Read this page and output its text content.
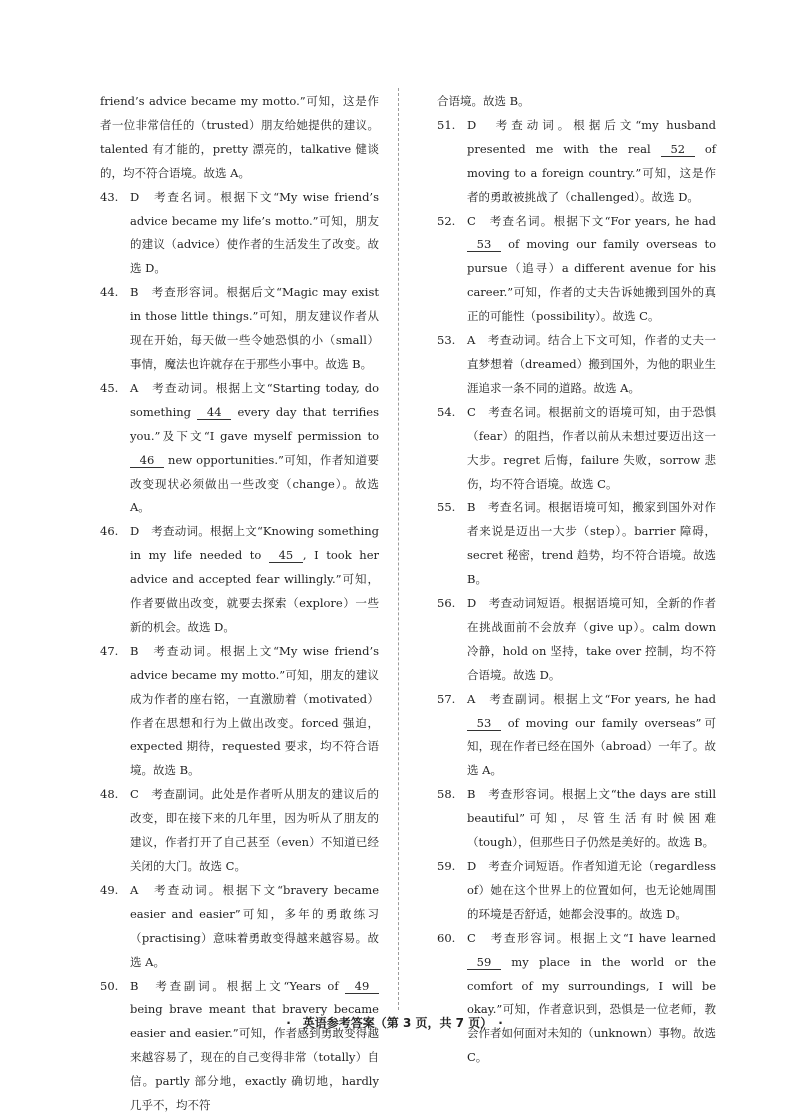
friend’s advice became my motto.”可知，这是作者一位非常信任的（trusted）朋友给她提供的建议。talented 有才能的，pretty 漂亮的，talkative 健谈的，均不符合语境。故选 A。
43.	D　考查名词。根据下文“My wise friend’s advice became my life’s motto.”可知，朋友的建议（advice）使作者的生活发生了改变。故选 D。
44.	B　考查形容词。根据后文“Magic may exist in those little things.”可知，朋友建议作者从现在开始，每天做一些令她恐惧的小（small）事情，魔法也许就存在于那些小事中。故选 B。
45.	A　考查动词。根据上文“Starting today, do something 44 every day that terrifies you.”及下文“I gave myself permission to 46 new opportunities.”可知，作者知道要改变现状必须做出一些改变（change）。故选 A。
46.	D　考查动词。根据上文“Knowing something in my life needed to 45 , I took her advice and accepted fear willingly.”可知，作者要做出改变，就要去探索（explore）一些新的机会。故选 D。
47.	B　考查动词。根据上文“My wise friend’s advice became my motto.”可知，朋友的建议成为作者的座右铭，一直激励着（motivated）作者在思想和行为上做出改变。forced 强迫，expected 期待，requested 要求，均不符合语境。故选 B。
48.	C　考查副词。此处是作者听从朋友的建议后的改变，即在接下来的几年里，因为听从了朋友的建议，作者打开了自己甚至（even）不知道已经关闭的大门。故选 C。
49.	A　考查动词。根据下文“bravery became easier and easier”可知，多年的勇敢练习（practising）意味着勇敢变得越来越容易。故选 A。
50.	B　考查副词。根据上文“Years of 49 being brave meant that bravery became easier and easier.”可知，作者感到勇敢变得越来越容易了，现在的自己变得非常（totally）自信。partly 部分地，exactly 确切地，hardly 几乎不，均不符
合语境。故选 B。
51.	D　考查动词。根据后文“my husband presented me with the real 52 of moving to a foreign country.”可知，这是作者的勇敢被挑战了（challenged）。故选 D。
52.	C　考查名词。根据下文“For years, he had 53 of moving our family overseas to pursue（追寻）a different avenue for his career.”可知，作者的丈夫告诉她搬到国外的真正的可能性（possibility）。故选 C。
53.	A　考查动词。结合上下文可知，作者的丈夫一直梦想着（dreamed）搬到国外，为他的职业生涯追求一条不同的道路。故选 A。
54.	C　考查名词。根据前文的语境可知，由于恐惧（fear）的阻挡，作者以前从未想过要迈出这一大步。regret 后悔，failure 失败，sorrow 悲伤，均不符合语境。故选 C。
55.	B　考查名词。根据语境可知，搬家到国外对作者来说是迈出一大步（step）。barrier 障碍，secret 秘密，trend 趋势，均不符合语境。故选 B。
56.	D　考查动词短语。根据语境可知，全新的作者在挑战面前不会放弃（give up）。calm down 冷静，hold on 坚持，take over 控制，均不符合语境。故选 D。
57.	A　考查副词。根据上文“For years, he had 53 of moving our family overseas”可知，现在作者已经在国外（abroad）一年了。故选 A。
58.	B　考查形容词。根据上文“the days are still beautiful”可知，尽管生活有时候困难（tough），但那些日子仍然是美好的。故选 B。
59.	D　考查介词短语。作者知道无论（regardless of）她在这个世界上的位置如何，也无论她周围的环境是否舒适，她都会没事的。故选 D。
60.	C　考查形容词。根据上文“I have learned 59 my place in the world or the comfort of my surroundings, I will be okay.”可知，作者意识到，恐惧是一位老师，教会作者如何面对未知的（unknown）事物。故选 C。
·　英语参考答案（第 3 页，共 7 页）　·
